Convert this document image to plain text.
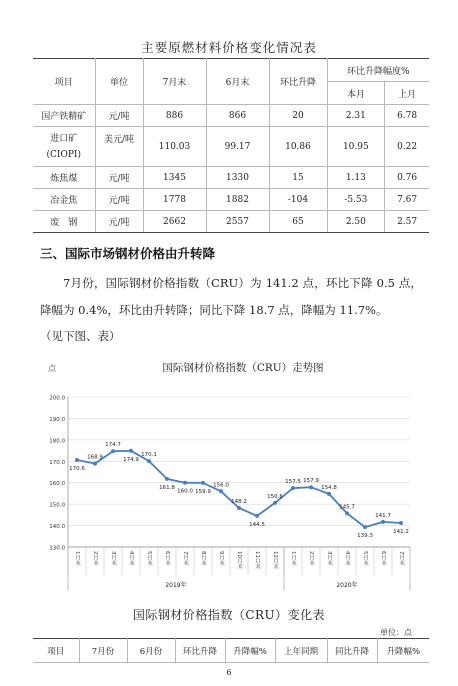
主要原燃材料价格变化情况表
项目	单位	7月末	6月末	环比升降	环比升降幅度%	
					本月	上月
国产铁精矿	元/吨	886	866	20	2.31	6.78

进口矿
(CIOPI)	美元/吨	110.03	99.17	10.86	10.95	0.22
炼焦煤	元/吨	1345	1330	15	1.13	0.76
冶金焦	元/吨	1778	1882	-104	-5.53	7.67
废　钢	元/吨	2662	2557	65	2.50	2.57
三、国际市场钢材价格由升转降
7月份，国际钢材价格指数（CRU）为 141.2 点，环比下降 0.5 点，降幅为 0.4%，环比由升转降；同比下降 18.7 点，降幅为 11.7%。
（见下图、表）
国际钢材价格指数（CRU）走势图
点
200.0
190.0
180.0
170.0
160.0
150.0
140.0
130.0
1月末 2月末 3月末 4月末 5月末 6月末 7月末 8月末 9月末 10月末 11月末 12月末 1月末 2月末 3月末 4月末 5月末 6月末 7月末
2019年	2020年
170.6
168.9
174.7
174.9
170.1
161.8
160.0 159.9
156.0
148.2
144.5
150.6
157.5 157.9
154.8
145.7
139.3
141.7
141.2
国际钢材价格指数（CRU）变化表
单位：点
项目	7月份	6月份	环比升降	升降幅%	上年同期	同比升降	升降幅%
6
